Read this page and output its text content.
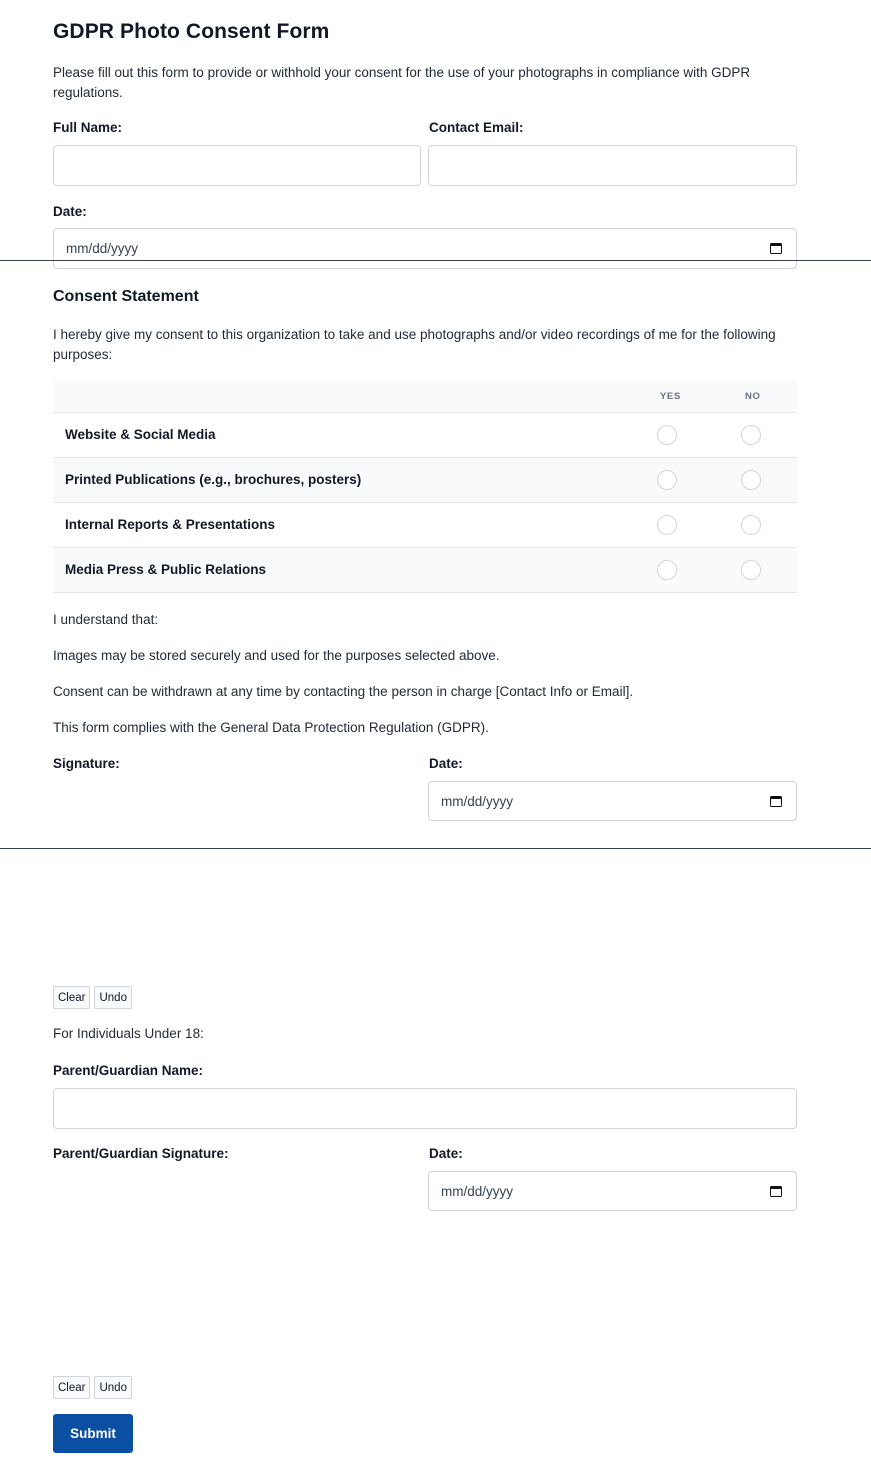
GDPR Photo Consent Form
Please fill out this form to provide or withhold your consent for the use of your photographs in compliance with GDPR regulations.
Full Name:	Contact Email:
Date:
mm/dd/yyyy
Consent Statement
I hereby give my consent to this organization to take and use photographs and/or video recordings of me for the following purposes:
YES	NO
Website & Social Media
Printed Publications (e.g., brochures, posters)
Internal Reports & Presentations
Media Press & Public Relations
I understand that:
Images may be stored securely and used for the purposes selected above.
Consent can be withdrawn at any time by contacting the person in charge [Contact Info or Email].
This form complies with the General Data Protection Regulation (GDPR).
Signature:	Date:
mm/dd/yyyy
Clear	Undo
For Individuals Under 18:
Parent/Guardian Name:
Parent/Guardian Signature:	Date:
mm/dd/yyyy
Clear	Undo
Submit
